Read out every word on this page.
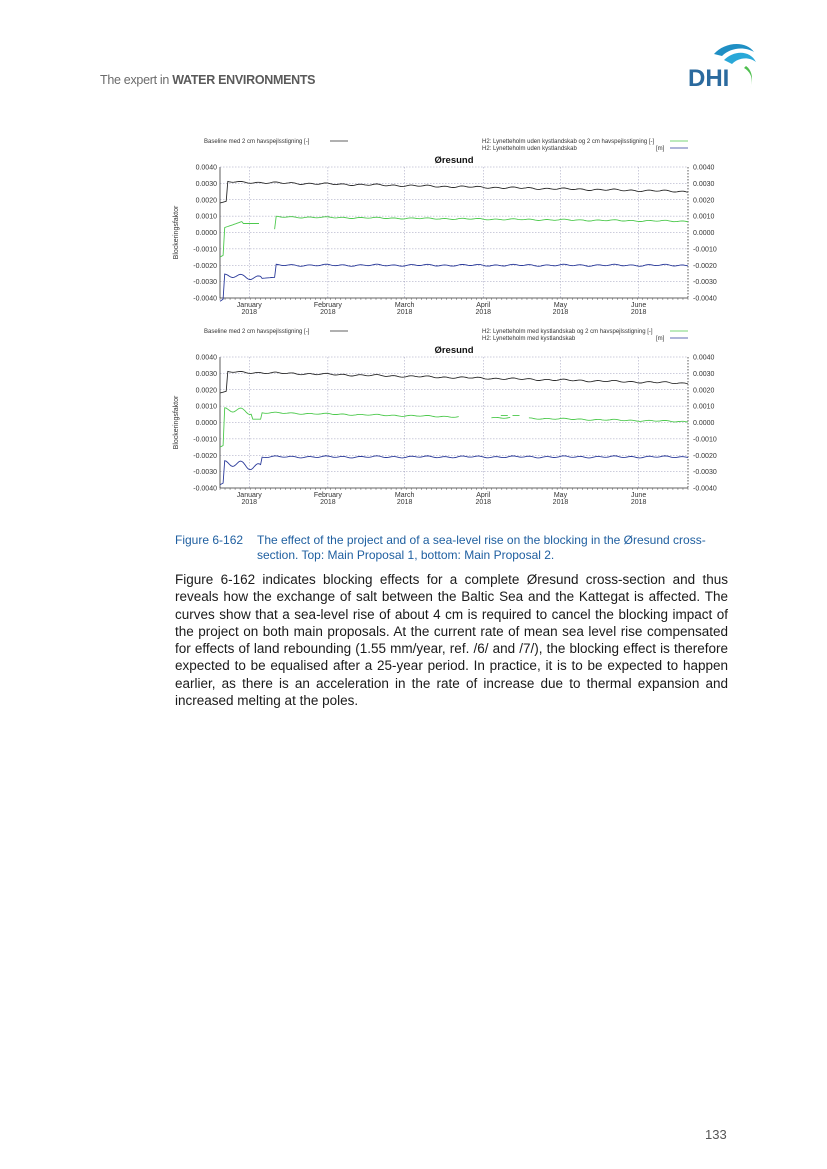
The expert in WATER ENVIRONMENTS	DHI
Baseline med 2 cm havspejlsstigning [-]	H2: Lynetteholm uden kystlandskab og 2 cm havspejlsstigning [-]
H2: Lynetteholm uden kystlandskab	[m]
Øresund
0.0040	0.0040
0.0030	0.0030
0.0020	0.0020
0.0010	0.0010
0.0000	0.0000
-0.0010	-0.0010
-0.0020	-0.0020
-0.0030	-0.0030
-0.0040	-0.0040
Blockeringsfaktor
January
2018
February
2018
March
2018
April
2018
May
2018
June
2018
Baseline med 2 cm havspejlsstigning [-]	H2: Lynetteholm med kystlandskab og 2 cm havspejlsstigning [-]
H2: Lynetteholm med kystlandskab	[m]
Øresund
0.0040	0.0040
0.0030	0.0030
0.0020	0.0020
0.0010	0.0010
0.0000	0.0000
-0.0010	-0.0010
-0.0020	-0.0020
-0.0030	-0.0030
-0.0040	-0.0040
Blockeringsfaktor
January
2018
February
2018
March
2018
April
2018
May
2018
June
2018
Figure 6-162 The effect of the project and of a sea-level rise on the blocking in the Øresund cross-
section. Top: Main Proposal 1, bottom: Main Proposal 2.
Figure 6-162 indicates blocking effects for a complete Øresund cross-section and thus reveals how the exchange of salt between the Baltic Sea and the Kattegat is affected. The curves show that a sea-level rise of about 4 cm is required to cancel the blocking impact of the project on both main proposals. At the current rate of mean sea level rise compensated for effects of land rebounding (1.55 mm/year, ref. /6/ and /7/), the blocking effect is therefore expected to be equalised after a 25-year period. In practice, it is to be expected to happen earlier, as there is an acceleration in the rate of increase due to thermal expansion and increased melting at the poles.
133
